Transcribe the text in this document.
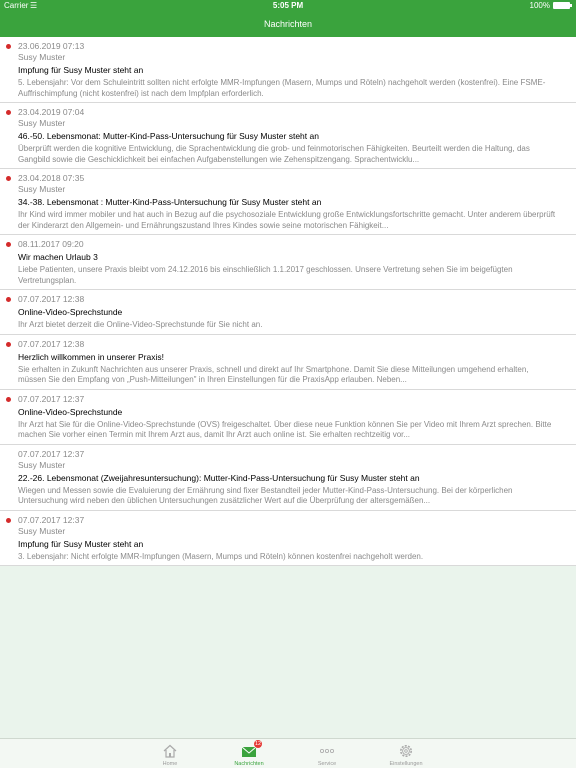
Carrier ☰	5:05 PM	100%
Nachrichten
23.06.2019 07:13
Susy Muster
Impfung für Susy Muster steht an
5. Lebensjahr: Vor dem Schuleintritt sollten nicht erfolgte MMR-Impfungen (Masern, Mumps und Röteln) nachgeholt werden (kostenfrei). Eine FSME-Auffrischimpfung (nicht kostenfrei) ist nach dem Impfplan erforderlich.
23.04.2019 07:04
Susy Muster
46.-50. Lebensmonat: Mutter-Kind-Pass-Untersuchung für Susy Muster steht an
Überprüft werden die kognitive Entwicklung, die Sprachentwicklung die grob- und feinmotorischen Fähigkeiten. Beurteilt werden die Haltung, das Gangbild sowie die Geschicklichkeit bei einfachen Aufgabenstellungen wie Zehenspitzengang. Sprachentwicklu...
23.04.2018 07:35
Susy Muster
34.-38. Lebensmonat : Mutter-Kind-Pass-Untersuchung für Susy Muster steht an
Ihr Kind wird immer mobiler und hat auch in Bezug auf die psychosoziale Entwicklung große Entwicklungsfortschritte gemacht. Unter anderem überprüft der Kinderarzt den Allgemein- und Ernährungszustand Ihres Kindes sowie seine motorischen Fähigkeit...
08.11.2017 09:20
Wir machen Urlaub 3
Liebe Patienten, unsere Praxis bleibt vom 24.12.2016 bis einschließlich 1.1.2017 geschlossen. Unsere Vertretung sehen Sie im beigefügten Vertretungsplan.
07.07.2017 12:38
Online-Video-Sprechstunde
Ihr Arzt bietet derzeit die Online-Video-Sprechstunde für Sie nicht an.
07.07.2017 12:38
Herzlich willkommen in unserer Praxis!
Sie erhalten in Zukunft Nachrichten aus unserer Praxis, schnell und direkt auf Ihr Smartphone. Damit Sie diese Mitteilungen umgehend erhalten, müssen Sie den Empfang von „Push-Mitteilungen" in Ihren Einstellungen für die PraxisApp erlauben. Neben...
07.07.2017 12:37
Online-Video-Sprechstunde
Ihr Arzt hat Sie für die Online-Video-Sprechstunde (OVS) freigeschaltet. Über diese neue Funktion können Sie per Video mit Ihrem Arzt sprechen. Bitte machen Sie vorher einen Termin mit Ihrem Arzt aus, damit Ihr Arzt auch online ist. Sie erhalten rechtzeitig vor...
07.07.2017 12:37
Susy Muster
22.-26. Lebensmonat (Zweijahresuntersuchung): Mutter-Kind-Pass-Untersuchung für Susy Muster steht an
Wiegen und Messen sowie die Evaluierung der Ernährung sind fixer Bestandteil jeder Mutter-Kind-Pass-Untersuchung. Bei der körperlichen Untersuchung wird neben den üblichen Untersuchungen zusätzlicher Wert auf die Überprüfung der altersgemäßen...
07.07.2017 12:37
Susy Muster
Impfung für Susy Muster steht an
3. Lebensjahr: Nicht erfolgte MMR-Impfungen (Masern, Mumps und Röteln) können kostenfrei nachgeholt werden.
Home
12
Nachrichten	Service	Einstellungen
